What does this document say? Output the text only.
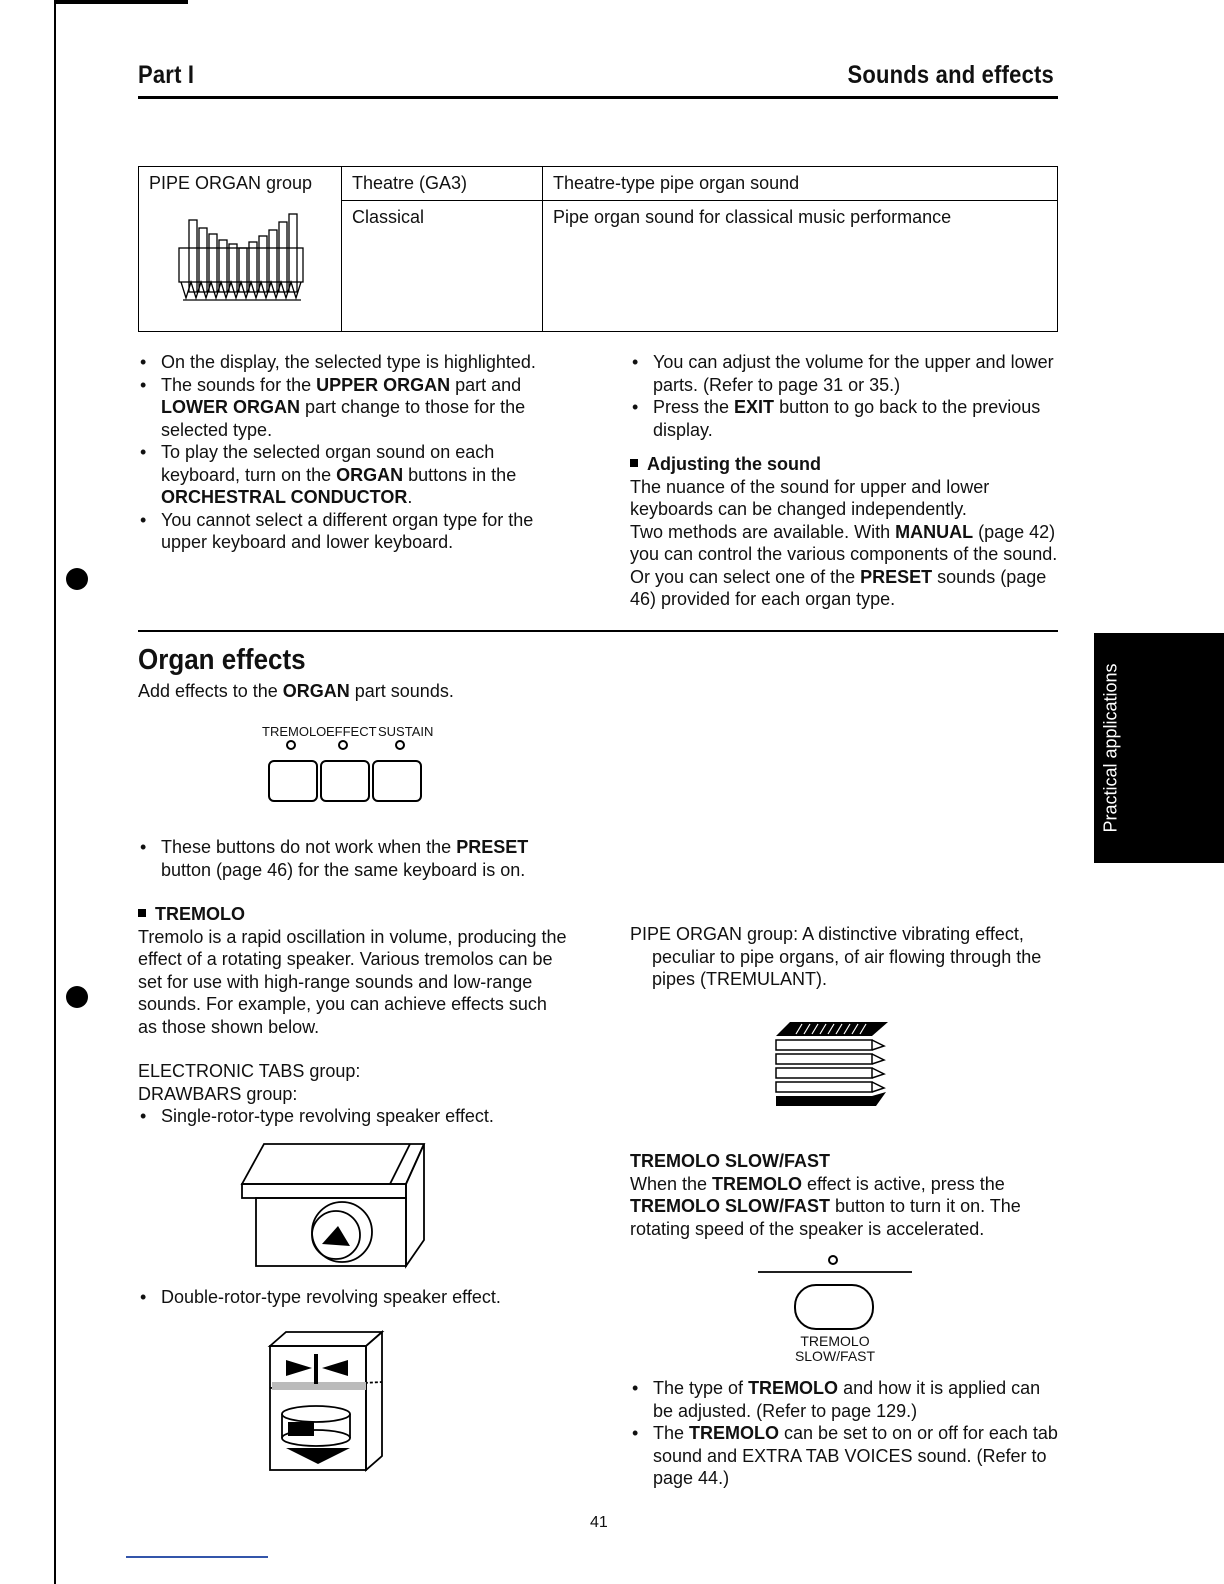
Part I	Sounds and effects
PIPE ORGAN group	Theatre (GA3)	Theatre-type pipe organ sound
	Classical	Pipe organ sound for classical music performance
• On the display, the selected type is highlighted.
• The sounds for the UPPER ORGAN part and LOWER ORGAN part change to those for the selected type.
• To play the selected organ sound on each keyboard, turn on the ORGAN buttons in the ORCHESTRAL CONDUCTOR.
• You cannot select a different organ type for the upper keyboard and lower keyboard.
• You can adjust the volume for the upper and lower parts. (Refer to page 31 or 35.)
• Press the EXIT button to go back to the previous display.
Adjusting the sound
The nuance of the sound for upper and lower keyboards can be changed independently.
Two methods are available. With MANUAL (page 42) you can control the various components of the sound. Or you can select one of the PRESET sounds (page 46) provided for each organ type.
Organ effects
Add effects to the ORGAN part sounds.
TREMOLO EFFECT SUSTAIN
• These buttons do not work when the PRESET button (page 46) for the same keyboard is on.
TREMOLO
Tremolo is a rapid oscillation in volume, producing the effect of a rotating speaker. Various tremolos can be set for use with high-range sounds and low-range sounds. For example, you can achieve effects such as those shown below.
ELECTRONIC TABS group:
DRAWBARS group:
• Single-rotor-type revolving speaker effect.
• Double-rotor-type revolving speaker effect.
PIPE ORGAN group: A distinctive vibrating effect, peculiar to pipe organs, of air flowing through the pipes (TREMULANT).
TREMOLO SLOW/FAST
When the TREMOLO effect is active, press the TREMOLO SLOW/FAST button to turn it on. The rotating speed of the speaker is accelerated.
TREMOLO
SLOW/FAST
• The type of TREMOLO and how it is applied can be adjusted. (Refer to page 129.)
• The TREMOLO can be set to on or off for each tab sound and EXTRA TAB VOICES sound. (Refer to page 44.)
Practical applications
41
